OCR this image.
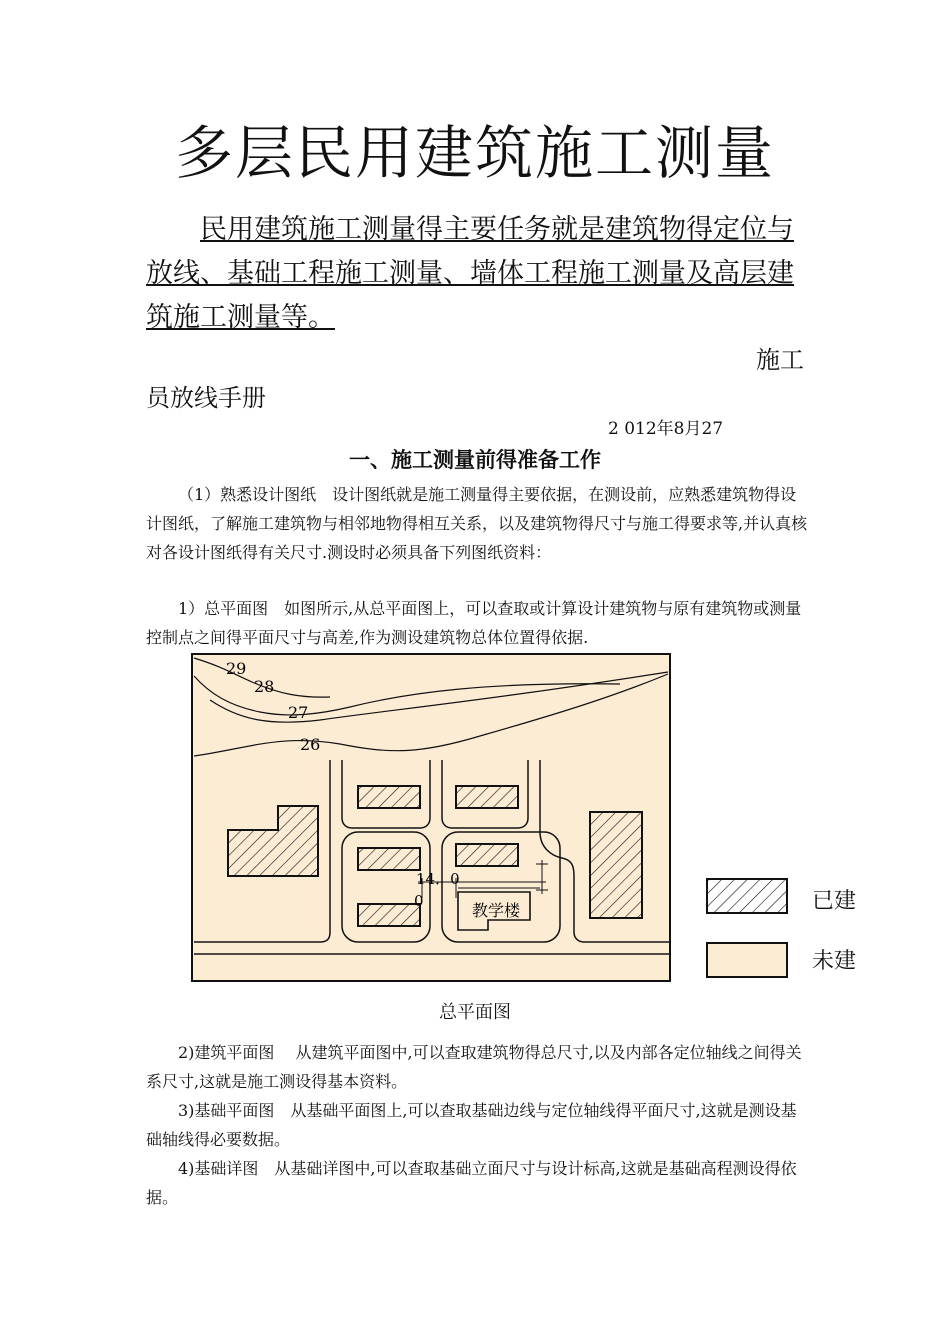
多层民用建筑施工测量
民用建筑施工测量得主要任务就是建筑物得定位与放线、基础工程施工测量、墙体工程施工测量及高层建筑施工测量等。
施工
员放线手册
2 012年8月27
一、施工测量前得准备工作
（1）熟悉设计图纸　设计图纸就是施工测量得主要依据，在测设前，应熟悉建筑物得设计图纸，了解施工建筑物与相邻地物得相互关系，以及建筑物得尺寸与施工得要求等,并认真核对各设计图纸得有关尺寸.测设时必须具备下列图纸资料：
1）总平面图　如图所示,从总平面图上，可以查取或计算设计建筑物与原有建筑物或测量控制点之间得平面尺寸与高差,作为测设建筑物总体位置得依据.
29
28
27
26
教学楼
14．0
0	已建
未建
总平面图
2)建筑平面图　 从建筑平面图中,可以查取建筑物得总尺寸,以及内部各定位轴线之间得关系尺寸,这就是施工测设得基本资料。
3)基础平面图　从基础平面图上,可以查取基础边线与定位轴线得平面尺寸,这就是测设基础轴线得必要数据。
4)基础详图　从基础详图中,可以查取基础立面尺寸与设计标高,这就是基础高程测设得依据。
